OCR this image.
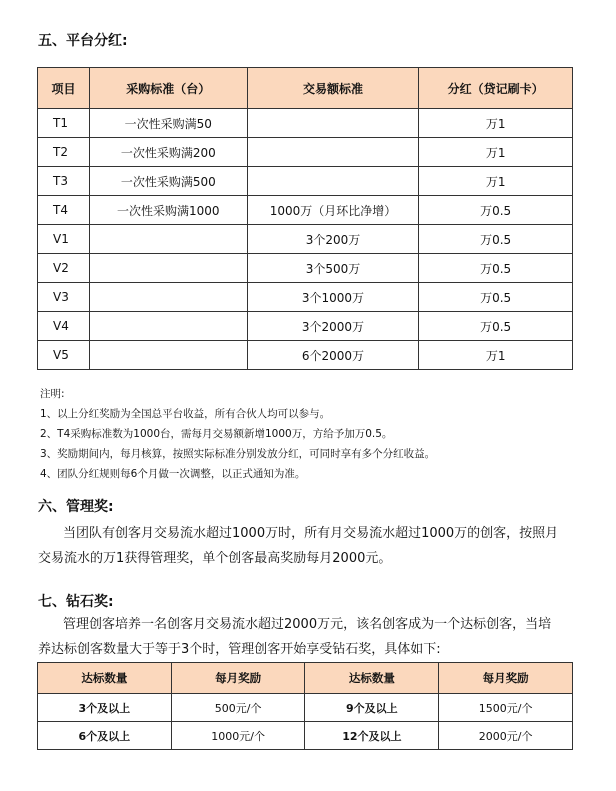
五、平台分红:
项目	采购标准（台）	交易额标准	分红（贷记刷卡）
T1	一次性采购满50		万1
T2	一次性采购满200		万1
T3	一次性采购满500		万1
T4	一次性采购满1000	1000万（月环比净增）	万0.5
V1		3个200万	万0.5
V2		3个500万	万0.5
V3		3个1000万	万0.5
V4		3个2000万	万0.5
V5		6个2000万	万1
注明:
1、以上分红奖励为全国总平台收益，所有合伙人均可以参与。
2、T4采购标准数为1000台，需每月交易额新增1000万，方给予加万0.5。
3、奖励期间内，每月核算，按照实际标准分别发放分红，可同时享有多个分红收益。
4、团队分红规则每6个月做一次调整，以正式通知为准。
六、管理奖:
当团队有创客月交易流水超过1000万时，所有月交易流水超过1000万的创客，按照月
交易流水的万1获得管理奖，单个创客最高奖励每月2000元。
七、钻石奖:
管理创客培养一名创客月交易流水超过2000万元，该名创客成为一个达标创客，当培
养达标创客数量大于等于3个时，管理创客开始享受钻石奖，具体如下:
达标数量	每月奖励	达标数量	每月奖励
3个及以上	500元/个	9个及以上	1500元/个
6个及以上	1000元/个	12个及以上	2000元/个
